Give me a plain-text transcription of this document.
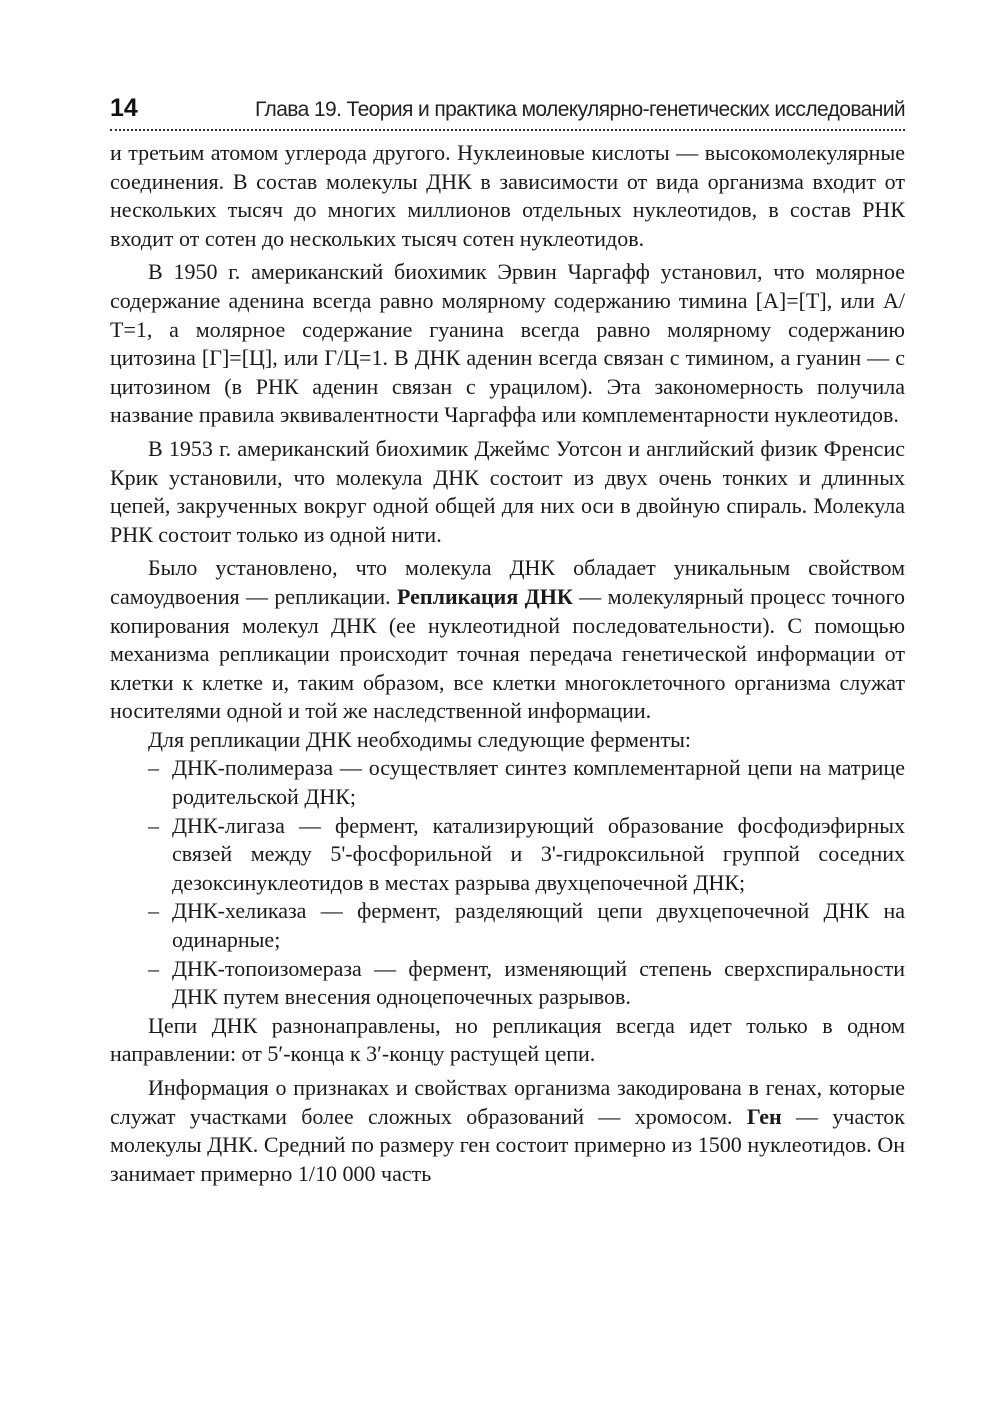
14	Глава 19. Теория и практика молекулярно-генетических исследований

и третьим атомом углерода другого. Нуклеиновые кислоты — высокомолекулярные соединения. В состав молекулы ДНК в зависимости от вида организма входит от нескольких тысяч до многих миллионов отдельных нуклеотидов, в состав РНК входит от сотен до нескольких тысяч сотен нуклеотидов.

В 1950 г. американский биохимик Эрвин Чаргафф установил, что молярное содержание аденина всегда равно молярному содержанию тимина [А]=[Т], или А/Т=1, а молярное содержание гуанина всегда равно молярному содержанию цитозина [Г]=[Ц], или Г/Ц=1. В ДНК аденин всегда связан с тимином, а гуанин — с цитозином (в РНК аденин связан с урацилом). Эта закономерность получила название правила эквивалентности Чаргаффа или комплементарности нуклеотидов.

В 1953 г. американский биохимик Джеймс Уотсон и английский физик Френсис Крик установили, что молекула ДНК состоит из двух очень тонких и длинных цепей, закрученных вокруг одной общей для них оси в двойную спираль. Молекула РНК состоит только из одной нити.

Было установлено, что молекула ДНК обладает уникальным свойством самоудвоения — репликации. Репликация ДНК — молекулярный процесс точного копирования молекул ДНК (ее нуклеотидной последовательности). С помощью механизма репликации происходит точная передача генетической информации от клетки к клетке и, таким образом, все клетки многоклеточного организма служат носителями одной и той же наследственной информации.

Для репликации ДНК необходимы следующие ферменты:

– ДНК-полимераза — осуществляет синтез комплементарной цепи на матрице родительской ДНК;
– ДНК-лигаза — фермент, катализирующий образование фосфодиэфирных связей между 5'-фосфорильной и 3'-гидроксильной группой соседних дезоксинуклеотидов в местах разрыва двухцепочечной ДНК;
– ДНК-хеликаза — фермент, разделяющий цепи двухцепочечной ДНК на одинарные;
– ДНК-топоизомераза — фермент, изменяющий степень сверхспиральности ДНК путем внесения одноцепочечных разрывов.

Цепи ДНК разнонаправлены, но репликация всегда идет только в одном направлении: от 5′-конца к 3′-концу растущей цепи.

Информация о признаках и свойствах организма закодирована в генах, которые служат участками более сложных образований — хромосом. Ген — участок молекулы ДНК. Средний по размеру ген состоит примерно из 1500 нуклеотидов. Он занимает примерно 1/10 000 часть
